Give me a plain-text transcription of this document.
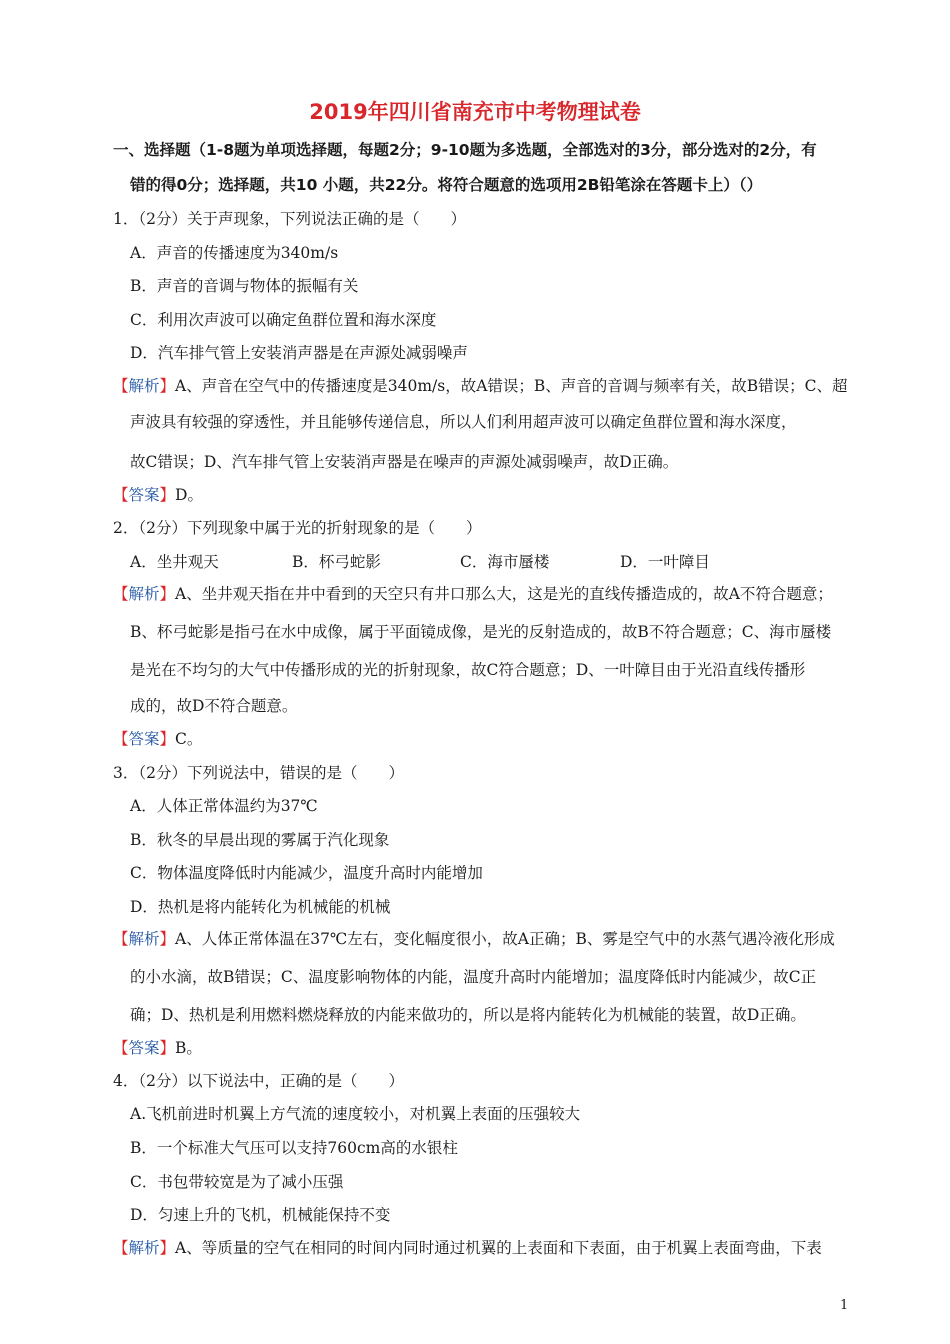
2019年四川省南充市中考物理试卷
一、选择题（1-8题为单项选择题，每题2分；9-10题为多选题，全部选对的3分，部分选对的2分，有
错的得0分；选择题，共10 小题，共22分。将符合题意的选项用2B铅笔涂在答题卡上）（）
1．（2分）关于声现象，下列说法正确的是（　　）
A．声音的传播速度为340m/s
B．声音的音调与物体的振幅有关
C．利用次声波可以确定鱼群位置和海水深度
D．汽车排气管上安装消声器是在声源处减弱噪声
【解析】A、声音在空气中的传播速度是340m/s，故A错误；B、声音的音调与频率有关，故B错误；C、超
声波具有较强的穿透性，并且能够传递信息，所以人们利用超声波可以确定鱼群位置和海水深度，
故C错误；D、汽车排气管上安装消声器是在噪声的声源处减弱噪声，故D正确。
【答案】D。
2．（2分）下列现象中属于光的折射现象的是（　　）
A．坐井观天	B．杯弓蛇影	C．海市蜃楼	D．一叶障目
【解析】A、坐井观天指在井中看到的天空只有井口那么大，这是光的直线传播造成的，故A不符合题意；
B、杯弓蛇影是指弓在水中成像，属于平面镜成像，是光的反射造成的，故B不符合题意；C、海市蜃楼
是光在不均匀的大气中传播形成的光的折射现象，故C符合题意；D、一叶障目由于光沿直线传播形
成的，故D不符合题意。
【答案】C。
3．（2分）下列说法中，错误的是（　　）
A．人体正常体温约为37℃
B．秋冬的早晨出现的雾属于汽化现象
C．物体温度降低时内能减少，温度升高时内能增加
D．热机是将内能转化为机械能的机械
【解析】A、人体正常体温在37℃左右，变化幅度很小，故A正确；B、雾是空气中的水蒸气遇冷液化形成
的小水滴，故B错误；C、温度影响物体的内能，温度升高时内能增加；温度降低时内能减少，故C正
确；D、热机是利用燃料燃烧释放的内能来做功的，所以是将内能转化为机械能的装置，故D正确。
【答案】B。
4．（2分）以下说法中，正确的是（　　）
A.飞机前进时机翼上方气流的速度较小，对机翼上表面的压强较大
B．一个标准大气压可以支持760cm高的水银柱
C．书包带较宽是为了减小压强
D．匀速上升的飞机，机械能保持不变
【解析】A、等质量的空气在相同的时间内同时通过机翼的上表面和下表面，由于机翼上表面弯曲，下表
1
